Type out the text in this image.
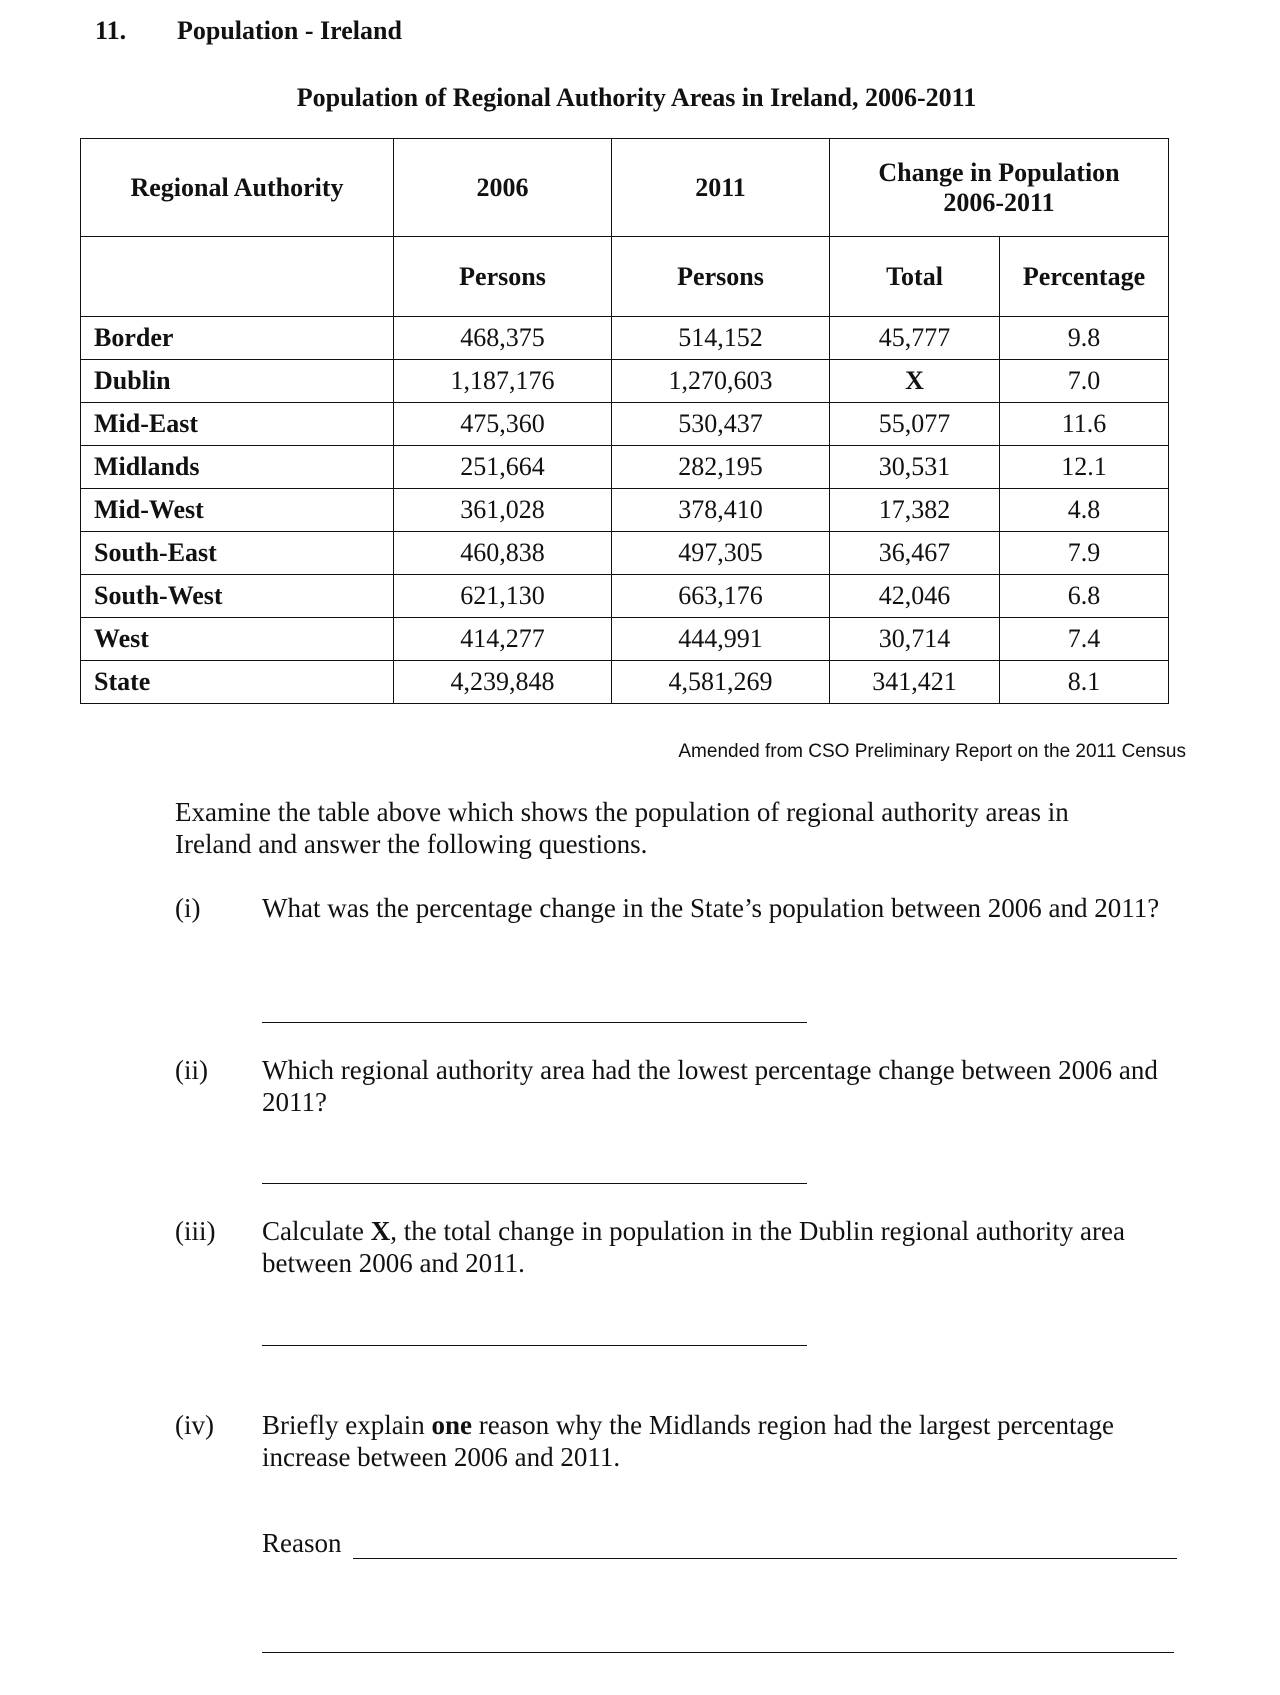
11. Population - Ireland
Population of Regional Authority Areas in Ireland, 2006-2011
Regional Authority	2006	2011	Change in Population
2006-2011	

	Persons	Persons	Total	Percentage
Border	468,375	514,152	45,777	9.8
Dublin	1,187,176	1,270,603	X	7.0
Mid-East	475,360	530,437	55,077	11.6
Midlands	251,664	282,195	30,531	12.1
Mid-West	361,028	378,410	17,382	4.8
South-East	460,838	497,305	36,467	7.9
South-West	621,130	663,176	42,046	6.8
West	414,277	444,991	30,714	7.4
State	4,239,848	4,581,269	341,421	8.1
Amended from CSO Preliminary Report on the 2011 Census
Examine the table above which shows the population of regional authority areas in Ireland and answer the following questions.
(i) What was the percentage change in the State’s population between 2006 and 2011?
(ii) Which regional authority area had the lowest percentage change between 2006 and 2011?
(iii) Calculate X, the total change in population in the Dublin regional authority area between 2006 and 2011.
(iv) Briefly explain one reason why the Midlands region had the largest percentage increase between 2006 and 2011.
Reason
